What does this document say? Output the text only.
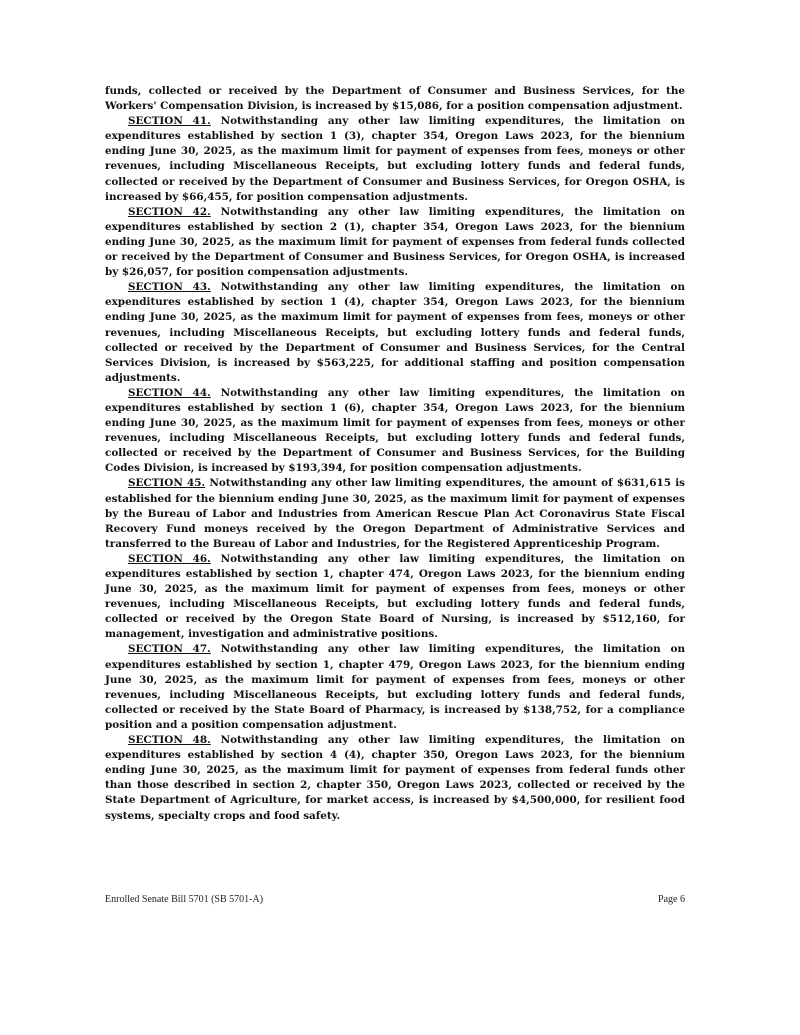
funds, collected or received by the Department of Consumer and Business Services, for the Workers' Compensation Division, is increased by $15,086, for a position compensation adjustment.

SECTION 41. Notwithstanding any other law limiting expenditures, the limitation on expenditures established by section 1 (3), chapter 354, Oregon Laws 2023, for the biennium ending June 30, 2025, as the maximum limit for payment of expenses from fees, moneys or other revenues, including Miscellaneous Receipts, but excluding lottery funds and federal funds, collected or received by the Department of Consumer and Business Services, for Oregon OSHA, is increased by $66,455, for position compensation adjustments.

SECTION 42. Notwithstanding any other law limiting expenditures, the limitation on expenditures established by section 2 (1), chapter 354, Oregon Laws 2023, for the biennium ending June 30, 2025, as the maximum limit for payment of expenses from federal funds collected or received by the Department of Consumer and Business Services, for Oregon OSHA, is increased by $26,057, for position compensation adjustments.

SECTION 43. Notwithstanding any other law limiting expenditures, the limitation on expenditures established by section 1 (4), chapter 354, Oregon Laws 2023, for the biennium ending June 30, 2025, as the maximum limit for payment of expenses from fees, moneys or other revenues, including Miscellaneous Receipts, but excluding lottery funds and federal funds, collected or received by the Department of Consumer and Business Services, for the Central Services Division, is increased by $563,225, for additional staffing and position compensation adjustments.

SECTION 44. Notwithstanding any other law limiting expenditures, the limitation on expenditures established by section 1 (6), chapter 354, Oregon Laws 2023, for the biennium ending June 30, 2025, as the maximum limit for payment of expenses from fees, moneys or other revenues, including Miscellaneous Receipts, but excluding lottery funds and federal funds, collected or received by the Department of Consumer and Business Services, for the Building Codes Division, is increased by $193,394, for position compensation adjustments.

SECTION 45. Notwithstanding any other law limiting expenditures, the amount of $631,615 is established for the biennium ending June 30, 2025, as the maximum limit for payment of expenses by the Bureau of Labor and Industries from American Rescue Plan Act Coronavirus State Fiscal Recovery Fund moneys received by the Oregon Department of Administrative Services and transferred to the Bureau of Labor and Industries, for the Registered Apprenticeship Program.

SECTION 46. Notwithstanding any other law limiting expenditures, the limitation on expenditures established by section 1, chapter 474, Oregon Laws 2023, for the biennium ending June 30, 2025, as the maximum limit for payment of expenses from fees, moneys or other revenues, including Miscellaneous Receipts, but excluding lottery funds and federal funds, collected or received by the Oregon State Board of Nursing, is increased by $512,160, for management, investigation and administrative positions.

SECTION 47. Notwithstanding any other law limiting expenditures, the limitation on expenditures established by section 1, chapter 479, Oregon Laws 2023, for the biennium ending June 30, 2025, as the maximum limit for payment of expenses from fees, moneys or other revenues, including Miscellaneous Receipts, but excluding lottery funds and federal funds, collected or received by the State Board of Pharmacy, is increased by $138,752, for a compliance position and a position compensation adjustment.

SECTION 48. Notwithstanding any other law limiting expenditures, the limitation on expenditures established by section 4 (4), chapter 350, Oregon Laws 2023, for the biennium ending June 30, 2025, as the maximum limit for payment of expenses from federal funds other than those described in section 2, chapter 350, Oregon Laws 2023, collected or received by the State Department of Agriculture, for market access, is increased by $4,500,000, for resilient food systems, specialty crops and food safety.

Enrolled Senate Bill 5701 (SB 5701-A)	Page 6
